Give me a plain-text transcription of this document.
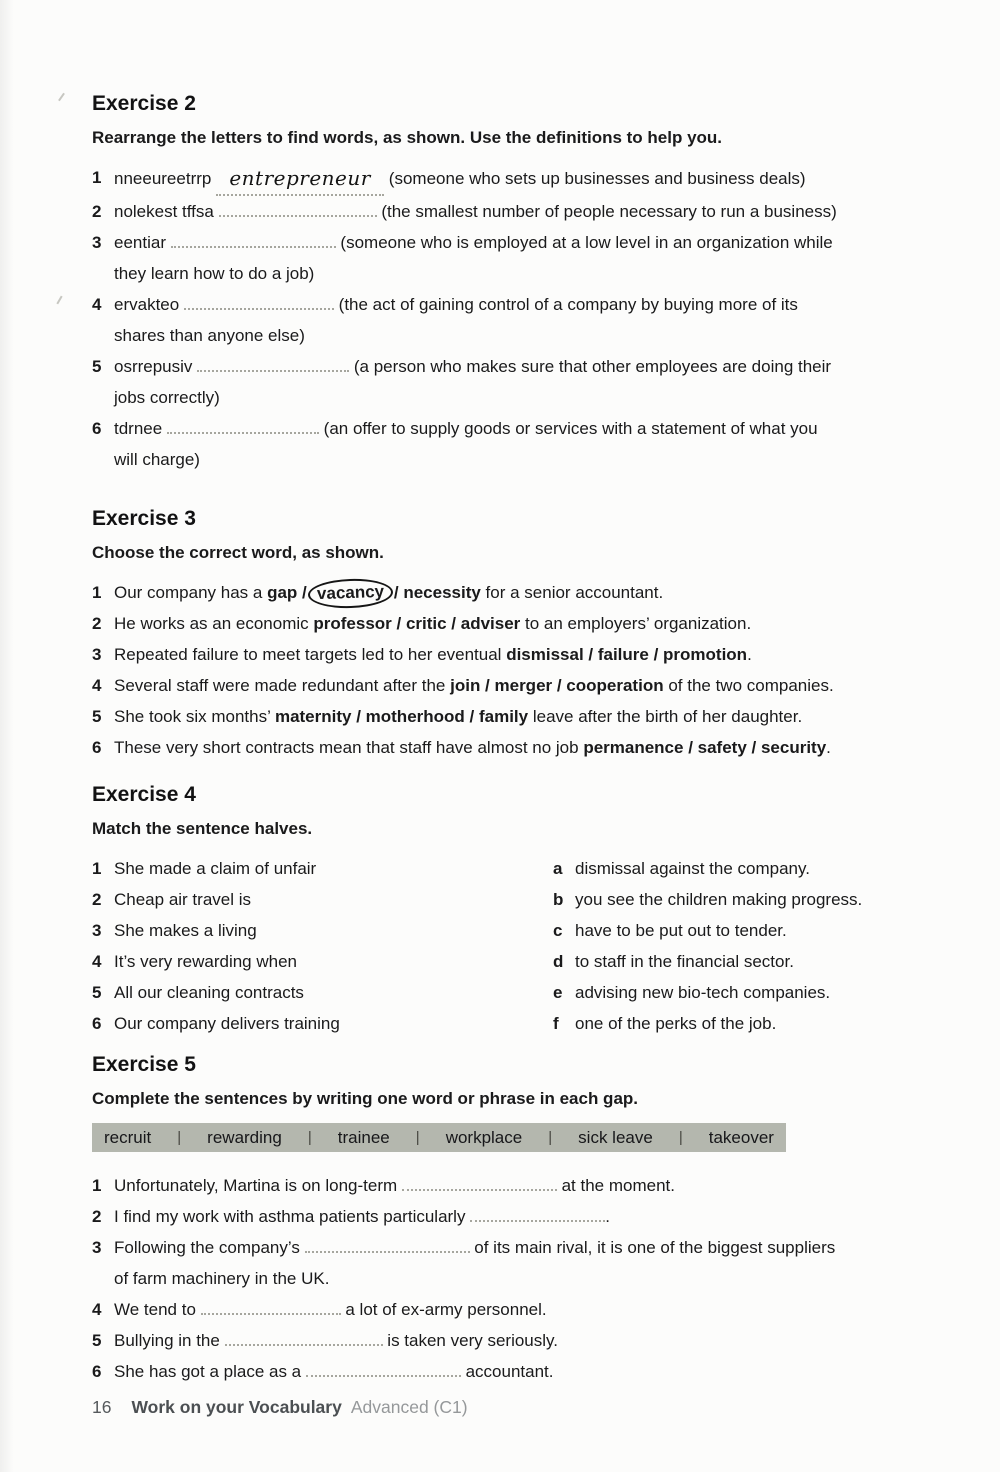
Exercise 2

Rearrange the letters to find words, as shown. Use the definitions to help you.

1 nneeureetrrp entrepreneur (someone who sets up businesses and business deals)
2 nolekest tffsa	(the smallest number of people necessary to run a business)
3 eentiar	(someone who is employed at a low level in an organization while
they learn how to do a job)
4 ervakteo	(the act of gaining control of a company by buying more of its
shares than anyone else)
5 osrrepusiv	(a person who makes sure that other employees are doing their
jobs correctly)
6 tdrnee	(an offer to supply goods or services with a statement of what you
will charge)
Exercise 3

Choose the correct word, as shown.

1 Our company has a gap / vacancy / necessity for a senior accountant.
2 He works as an economic professor / critic / adviser to an employers’ organization.
3 Repeated failure to meet targets led to her eventual dismissal / failure / promotion.
4 Several staff were made redundant after the join / merger / cooperation of the two companies.
5 She took six months’ maternity / motherhood / family leave after the birth of her daughter.
6 These very short contracts mean that staff have almost no job permanence / safety / security.
Exercise 4

Match the sentence halves.

1 She made a claim of unfair	a dismissal against the company.
2 Cheap air travel is	b you see the children making progress.
3 She makes a living	c have to be put out to tender.
4 It’s very rewarding when	d to staff in the financial sector.
5 All our cleaning contracts	e advising new bio-tech companies.
6 Our company delivers training	f one of the perks of the job.
Exercise 5

Complete the sentences by writing one word or phrase in each gap.

recruit | rewarding | trainee | workplace | sick leave | takeover
1 Unfortunately, Martina is on long-term	at the moment.
2 I find my work with asthma patients particularly	.
3 Following the company’s	of its main rival, it is one of the biggest suppliers
of farm machinery in the UK.
4 We tend to	a lot of ex-army personnel.
5 Bullying in the	is taken very seriously.
6 She has got a place as a	accountant.
16 Work on your Vocabulary Advanced (C1)
